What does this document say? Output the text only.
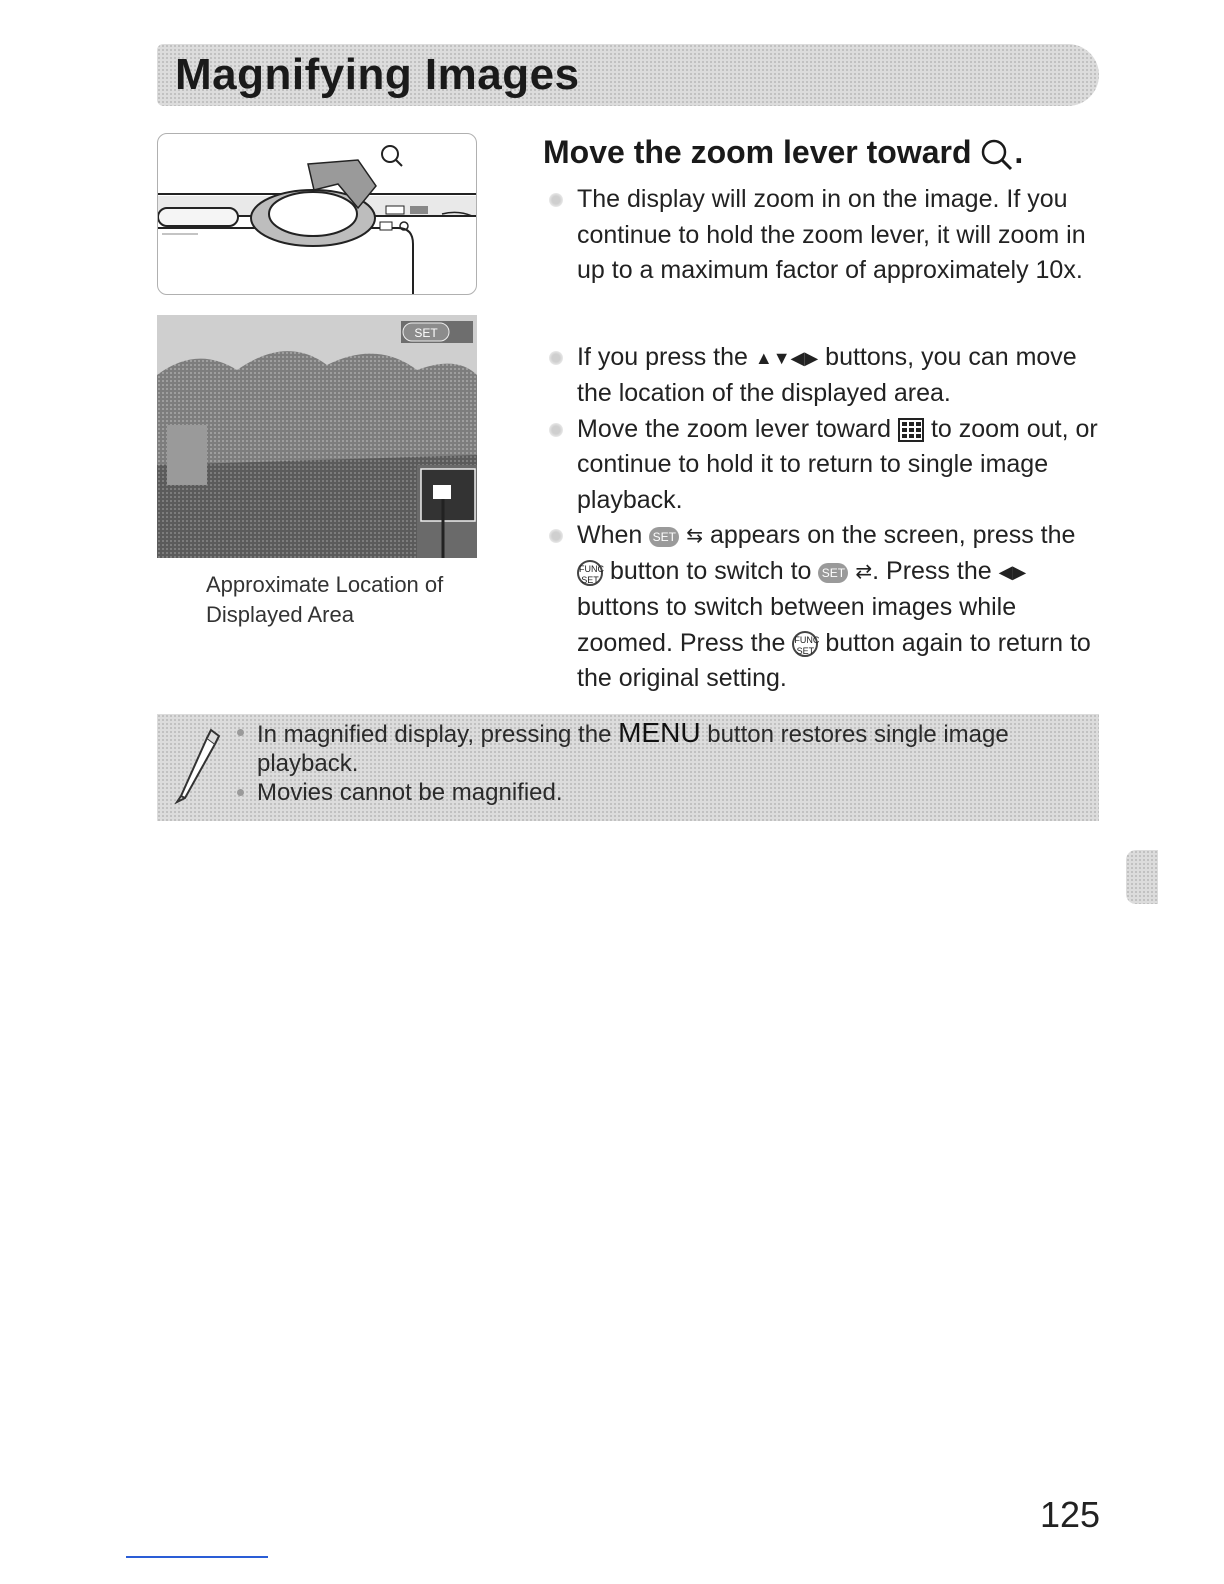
Magnifying Images
SET
Approximate Location of
Displayed Area
Move the zoom lever toward .
The display will zoom in on the image. If you continue to hold the zoom lever, it will zoom in up to a maximum factor of approximately 10x.
If you press the ▲▼◀▶ buttons, you can move the location of the displayed area.
Move the zoom lever toward to zoom out, or continue to hold it to return to single image playback.
When SET ⇆ appears on the screen, press the FUNC
SET button to switch to SET ⇄. Press the ◀▶ buttons to switch between images while zoomed. Press the FUNC
SET button again to return to the original setting.
In magnified display, pressing the MENU button restores single image playback.
Movies cannot be magnified.
125
